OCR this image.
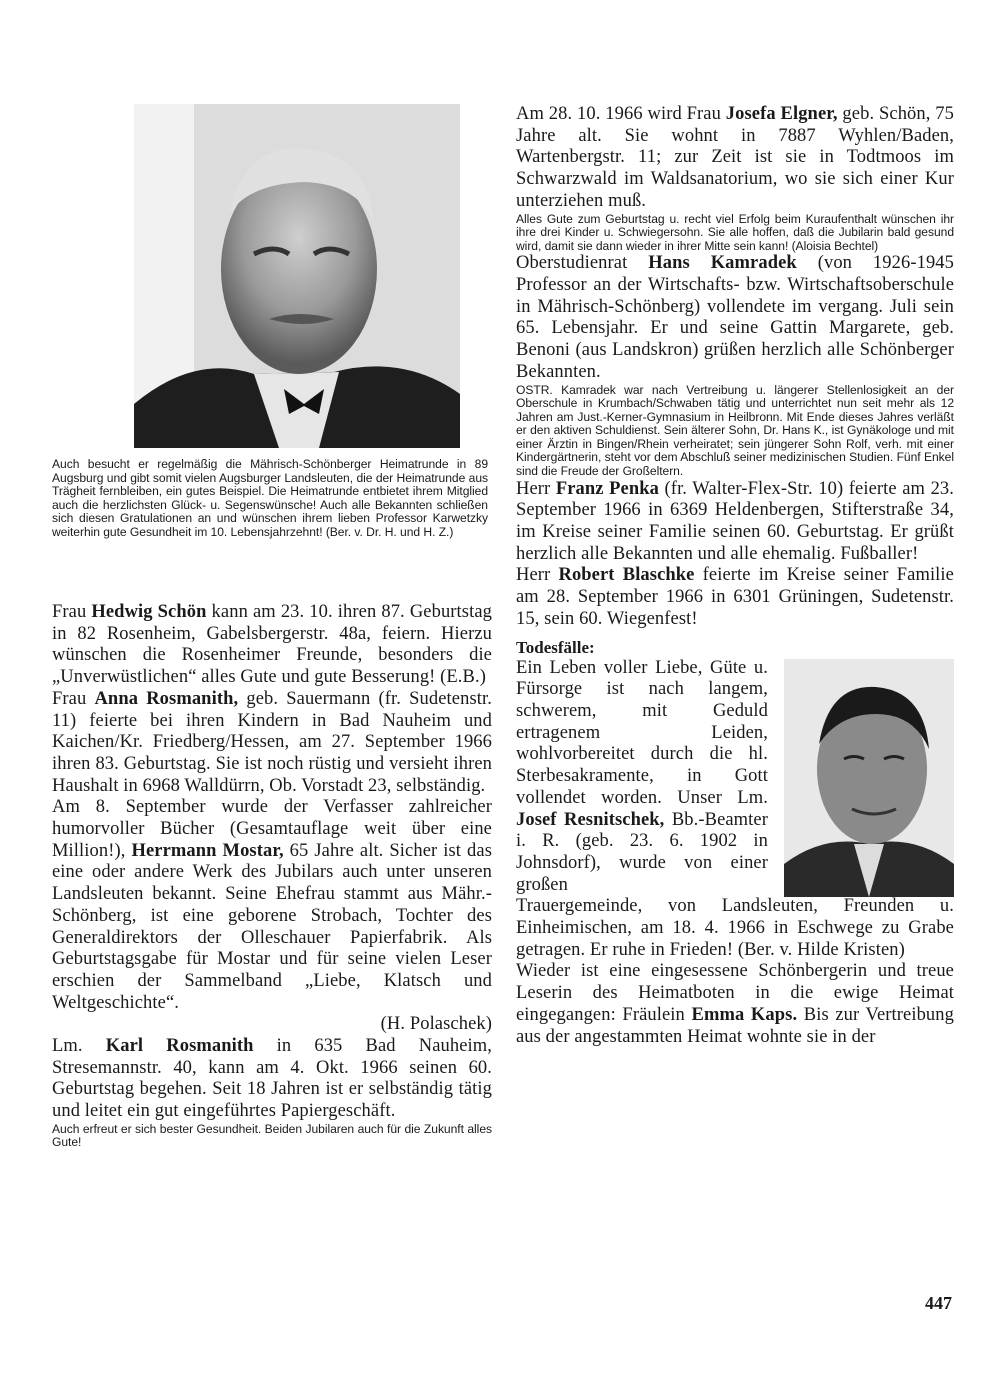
Auch besucht er regelmäßig die Mährisch-Schönberger Heimatrunde in 89 Augsburg und gibt somit vielen Augsburger Landsleuten, die der Heimatrunde aus Trägheit fernbleiben, ein gutes Beispiel. Die Heimatrunde entbietet ihrem Mitglied auch die herzlichsten Glück- u. Segenswünsche! Auch alle Bekannten schließen sich diesen Gratulationen an und wünschen ihrem lieben Professor Karwetzky weiterhin gute Gesundheit im 10. Lebensjahrzehnt! (Ber. v. Dr. H. und H. Z.)

Frau Hedwig Schön kann am 23. 10. ihren 87. Geburtstag in 82 Rosenheim, Gabelsbergerstr. 48a, feiern. Hierzu wünschen die Rosenheimer Freunde, besonders die „Unverwüstlichen“ alles Gute und gute Besserung! (E.B.)

Frau Anna Rosmanith, geb. Sauermann (fr. Sudetenstr. 11) feierte bei ihren Kindern in Bad Nauheim und Kaichen/Kr. Friedberg/Hessen, am 27. September 1966 ihren 83. Geburtstag. Sie ist noch rüstig und versieht ihren Haushalt in 6968 Walldürrn, Ob. Vorstadt 23, selbständig.

Am 8. September wurde der Verfasser zahlreicher humorvoller Bücher (Gesamtauflage weit über eine Million!), Herrmann Mostar, 65 Jahre alt. Sicher ist das eine oder andere Werk des Jubilars auch unter unseren Landsleuten bekannt. Seine Ehefrau stammt aus Mähr.-Schönberg, ist eine geborene Strobach, Tochter des Generaldirektors der Olleschauer Papierfabrik. Als Geburtstagsgabe für Mostar und für seine vielen Leser erschien der Sammelband „Liebe, Klatsch und Weltgeschichte“.

(H. Polaschek)

Lm. Karl Rosmanith in 635 Bad Nauheim, Stresemannstr. 40, kann am 4. Okt. 1966 seinen 60. Geburtstag begehen. Seit 18 Jahren ist er selbständig tätig und leitet ein gut eingeführtes Papiergeschäft.

Auch erfreut er sich bester Gesundheit. Beiden Jubilaren auch für die Zukunft alles Gute!

Am 28. 10. 1966 wird Frau Josefa Elgner, geb. Schön, 75 Jahre alt. Sie wohnt in 7887 Wyhlen/Baden, Wartenbergstr. 11; zur Zeit ist sie in Todtmoos im Schwarzwald im Waldsanatorium, wo sie sich einer Kur unterziehen muß.

Alles Gute zum Geburtstag u. recht viel Erfolg beim Kuraufenthalt wünschen ihr ihre drei Kinder u. Schwiegersohn. Sie alle hoffen, daß die Jubilarin bald gesund wird, damit sie dann wieder in ihrer Mitte sein kann! (Aloisia Bechtel)

Oberstudienrat Hans Kamradek (von 1926-1945 Professor an der Wirtschafts- bzw. Wirtschaftsoberschule in Mährisch-Schönberg) vollendete im vergang. Juli sein 65. Lebensjahr. Er und seine Gattin Margarete, geb. Benoni (aus Landskron) grüßen herzlich alle Schönberger Bekannten.

OSTR. Kamradek war nach Vertreibung u. längerer Stellenlosigkeit an der Oberschule in Krumbach/Schwaben tätig und unterrichtet nun seit mehr als 12 Jahren am Just.-Kerner-Gymnasium in Heilbronn. Mit Ende dieses Jahres verläßt er den aktiven Schuldienst. Sein älterer Sohn, Dr. Hans K., ist Gynäkologe und mit einer Ärztin in Bingen/Rhein verheiratet; sein jüngerer Sohn Rolf, verh. mit einer Kindergärtnerin, steht vor dem Abschluß seiner medizinischen Studien. Fünf Enkel sind die Freude der Großeltern.

Herr Franz Penka (fr. Walter-Flex-Str. 10) feierte am 23. September 1966 in 6369 Heldenbergen, Stifterstraße 34, im Kreise seiner Familie seinen 60. Geburtstag. Er grüßt herzlich alle Bekannten und alle ehemalig. Fußballer!

Herr Robert Blaschke feierte im Kreise seiner Familie am 28. September 1966 in 6301 Grüningen, Sudetenstr. 15, sein 60. Wiegenfest!

Todesfälle:

Ein Leben voller Liebe, Güte u. Fürsorge ist nach langem, schwerem, mit Geduld ertragenem Leiden, wohlvorbereitet durch die hl. Sterbesakramente, in Gott vollendet worden. Unser Lm. Josef Resnitschek, Bb.-Beamter i. R. (geb. 23. 6. 1902 in Johnsdorf), wurde von einer großen

Trauergemeinde, von Landsleuten, Freunden u. Einheimischen, am 18. 4. 1966 in Eschwege zu Grabe getragen. Er ruhe in Frieden! (Ber. v. Hilde Kristen)

Wieder ist eine eingesessene Schönbergerin und treue Leserin des Heimatboten in die ewige Heimat eingegangen: Fräulein Emma Kaps. Bis zur Vertreibung aus der angestammten Heimat wohnte sie in der

447
